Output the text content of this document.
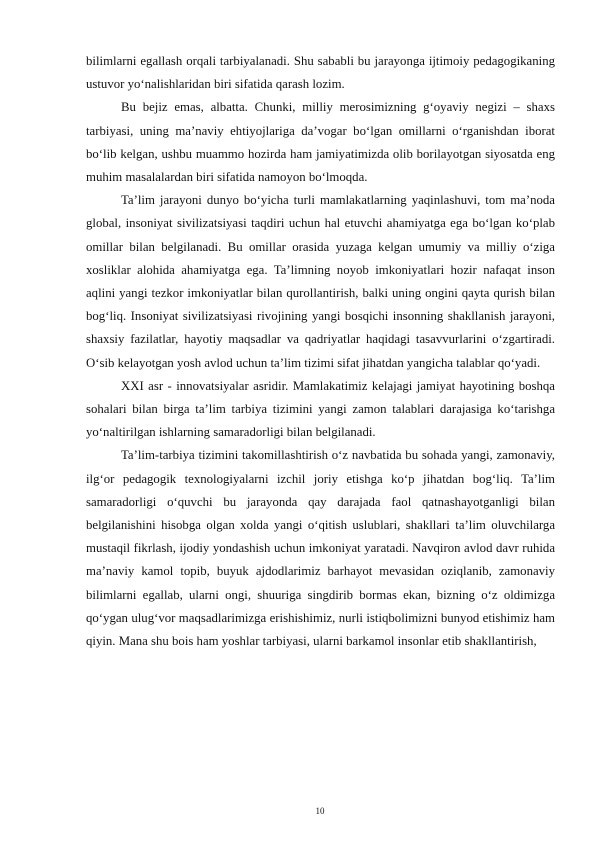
bilimlarni egallash orqali tarbiyalanadi. Shu sababli bu jarayonga ijtimoiy pedagogikaning ustuvor yo‘nalishlaridan biri sifatida qarash lozim.

Bu bejiz emas, albatta. Chunki, milliy merosimizning g‘oyaviy negizi – shaxs tarbiyasi, uning ma’naviy ehtiyojlariga da’vogar bo‘lgan omillarni o‘rganishdan iborat bo‘lib kelgan, ushbu muammo hozirda ham jamiyatimizda olib borilayotgan siyosatda eng muhim masalalardan biri sifatida namoyon bo‘lmoqda.

Ta’lim jarayoni dunyo bo‘yicha turli mamlakatlarning yaqinlashuvi, tom ma’noda global, insoniyat sivilizatsiyasi taqdiri uchun hal etuvchi ahamiyatga ega bo‘lgan ko‘plab omillar bilan belgilanadi. Bu omillar orasida yuzaga kelgan umumiy va milliy o‘ziga xosliklar alohida ahamiyatga ega. Ta’limning noyob imkoniyatlari hozir nafaqat inson aqlini yangi tezkor imkoniyatlar bilan qurollantirish, balki uning ongini qayta qurish bilan bog‘liq. Insoniyat sivilizatsiyasi rivojining yangi bosqichi insonning shakllanish jarayoni, shaxsiy fazilatlar, hayotiy maqsadlar va qadriyatlar haqidagi tasavvurlarini o‘zgartiradi. O‘sib kelayotgan yosh avlod uchun ta’lim tizimi sifat jihatdan yangicha talablar qo‘yadi.

XXI asr - innovatsiyalar asridir. Mamlakatimiz kelajagi jamiyat hayotining boshqa sohalari bilan birga ta’lim tarbiya tizimini yangi zamon talablari darajasiga ko‘tarishga yo‘naltirilgan ishlarning samaradorligi bilan belgilanadi.

Ta’lim-tarbiya tizimini takomillashtirish o‘z navbatida bu sohada yangi, zamonaviy, ilg‘or pedagogik texnologiyalarni izchil joriy etishga ko‘p jihatdan bog‘liq. Ta’lim samaradorligi o‘quvchi bu jarayonda qay darajada faol qatnashayotganligi bilan belgilanishini hisobga olgan xolda yangi o‘qitish uslublari, shakllari ta’lim oluvchilarga mustaqil fikrlash, ijodiy yondashish uchun imkoniyat yaratadi. Navqiron avlod davr ruhida ma’naviy kamol topib, buyuk ajdodlarimiz barhayot mevasidan oziqlanib, zamonaviy bilimlarni egallab, ularni ongi, shuuriga singdirib bormas ekan, bizning o‘z oldimizga qo‘ygan ulug‘vor maqsadlarimizga erishishimiz, nurli istiqbolimizni bunyod etishimiz ham qiyin. Mana shu bois ham yoshlar tarbiyasi, ularni barkamol insonlar etib shakllantirish,

10
